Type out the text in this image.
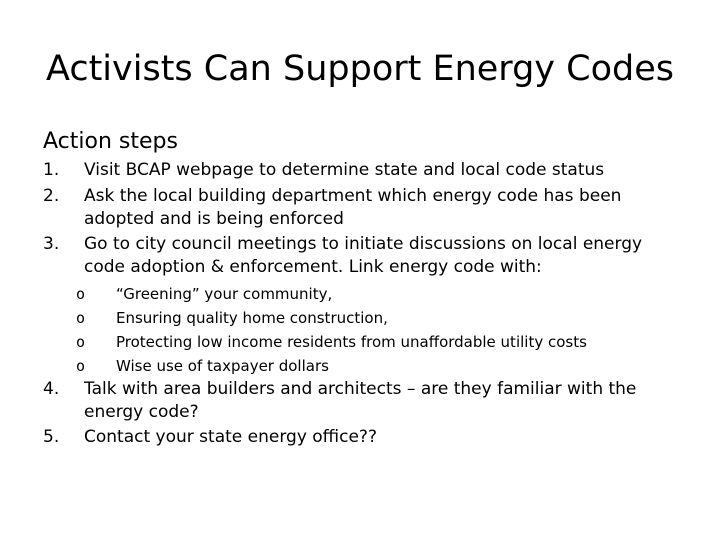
Activists Can Support Energy Codes
Action steps
1.	Visit BCAP webpage to determine state and local code status
2.	Ask the local building department which energy code has been
adopted and is being enforced
3.	Go to city council meetings to initiate discussions on local energy
code adoption & enforcement. Link energy code with:
o “Greening” your community,
o Ensuring quality home construction,
o Protecting low income residents from unaffordable utility costs
o Wise use of taxpayer dollars
4.	Talk with area builders and architects – are they familiar with the
energy code?
5.	Contact your state energy office??
